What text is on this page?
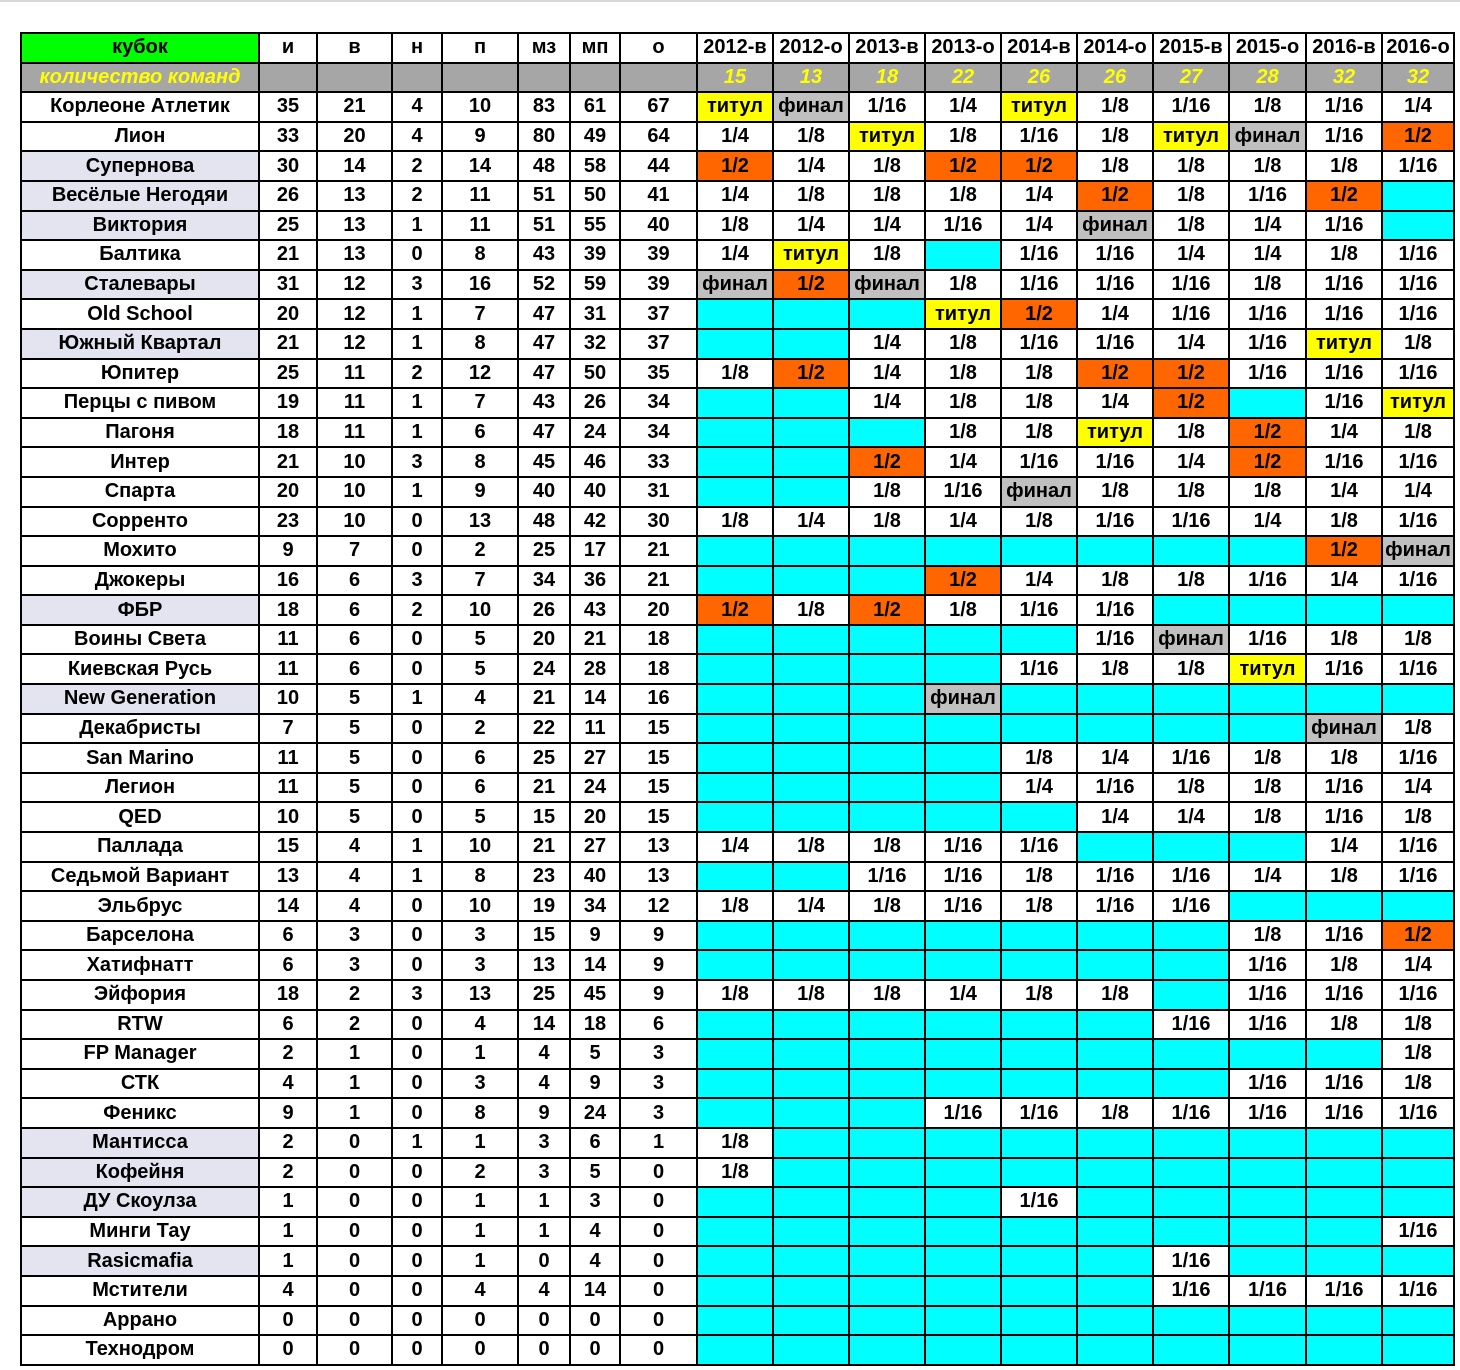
кубок	и	в	н	п	мз	мп	о	2012-в	2012-о	2013-в	2013-о	2014-в	2014-о	2015-в	2015-о	2016-в	2016-о
количество команд								15	13	18	22	26	26	27	28	32	32
Корлеоне Атлетик	35	21	4	10	83	61	67	титул	финал	1/16	1/4	титул	1/8	1/16	1/8	1/16	1/4
Лион	33	20	4	9	80	49	64	1/4	1/8	титул	1/8	1/16	1/8	титул	финал	1/16	1/2
Супернова	30	14	2	14	48	58	44	1/2	1/4	1/8	1/2	1/2	1/8	1/8	1/8	1/8	1/16
Весёлые Негодяи	26	13	2	11	51	50	41	1/4	1/8	1/8	1/8	1/4	1/2	1/8	1/16	1/2	
Виктория	25	13	1	11	51	55	40	1/8	1/4	1/4	1/16	1/4	финал	1/8	1/4	1/16	
Балтика	21	13	0	8	43	39	39	1/4	титул	1/8		1/16	1/16	1/4	1/4	1/8	1/16
Сталевары	31	12	3	16	52	59	39	финал	1/2	финал	1/8	1/16	1/16	1/16	1/8	1/16	1/16
Old School	20	12	1	7	47	31	37				титул	1/2	1/4	1/16	1/16	1/16	1/16
Южный Квартал	21	12	1	8	47	32	37			1/4	1/8	1/16	1/16	1/4	1/16	титул	1/8
Юпитер	25	11	2	12	47	50	35	1/8	1/2	1/4	1/8	1/8	1/2	1/2	1/16	1/16	1/16
Перцы с пивом	19	11	1	7	43	26	34			1/4	1/8	1/8	1/4	1/2		1/16	титул
Пагоня	18	11	1	6	47	24	34				1/8	1/8	титул	1/8	1/2	1/4	1/8
Интер	21	10	3	8	45	46	33			1/2	1/4	1/16	1/16	1/4	1/2	1/16	1/16
Спарта	20	10	1	9	40	40	31			1/8	1/16	финал	1/8	1/8	1/8	1/4	1/4
Сорренто	23	10	0	13	48	42	30	1/8	1/4	1/8	1/4	1/8	1/16	1/16	1/4	1/8	1/16
Мохито	9	7	0	2	25	17	21									1/2	финал
Джокеры	16	6	3	7	34	36	21				1/2	1/4	1/8	1/8	1/16	1/4	1/16
ФБР	18	6	2	10	26	43	20	1/2	1/8	1/2	1/8	1/16	1/16				
Воины Света	11	6	0	5	20	21	18						1/16	финал	1/16	1/8	1/8
Киевская Русь	11	6	0	5	24	28	18					1/16	1/8	1/8	титул	1/16	1/16
New Generation	10	5	1	4	21	14	16				финал						
Декабристы	7	5	0	2	22	11	15									финал	1/8
San Marino	11	5	0	6	25	27	15					1/8	1/4	1/16	1/8	1/8	1/16
Легион	11	5	0	6	21	24	15					1/4	1/16	1/8	1/8	1/16	1/4
QED	10	5	0	5	15	20	15						1/4	1/4	1/8	1/16	1/8
Паллада	15	4	1	10	21	27	13	1/4	1/8	1/8	1/16	1/16				1/4	1/16
Седьмой Вариант	13	4	1	8	23	40	13			1/16	1/16	1/8	1/16	1/16	1/4	1/8	1/16
Эльбрус	14	4	0	10	19	34	12	1/8	1/4	1/8	1/16	1/8	1/16	1/16			
Барселона	6	3	0	3	15	9	9								1/8	1/16	1/2
Хатифнатт	6	3	0	3	13	14	9								1/16	1/8	1/4
Эйфория	18	2	3	13	25	45	9	1/8	1/8	1/8	1/4	1/8	1/8		1/16	1/16	1/16
RTW	6	2	0	4	14	18	6							1/16	1/16	1/8	1/8
FP Manager	2	1	0	1	4	5	3										1/8
СТК	4	1	0	3	4	9	3								1/16	1/16	1/8
Феникс	9	1	0	8	9	24	3				1/16	1/16	1/8	1/16	1/16	1/16	1/16
Мантисса	2	0	1	1	3	6	1	1/8									
Кофейня	2	0	0	2	3	5	0	1/8									
ДУ Скоулза	1	0	0	1	1	3	0					1/16					
Минги Тау	1	0	0	1	1	4	0										1/16
Rasicmafia	1	0	0	1	0	4	0							1/16			
Мстители	4	0	0	4	4	14	0							1/16	1/16	1/16	1/16
Аррано	0	0	0	0	0	0	0										
Технодром	0	0	0	0	0	0	0										
